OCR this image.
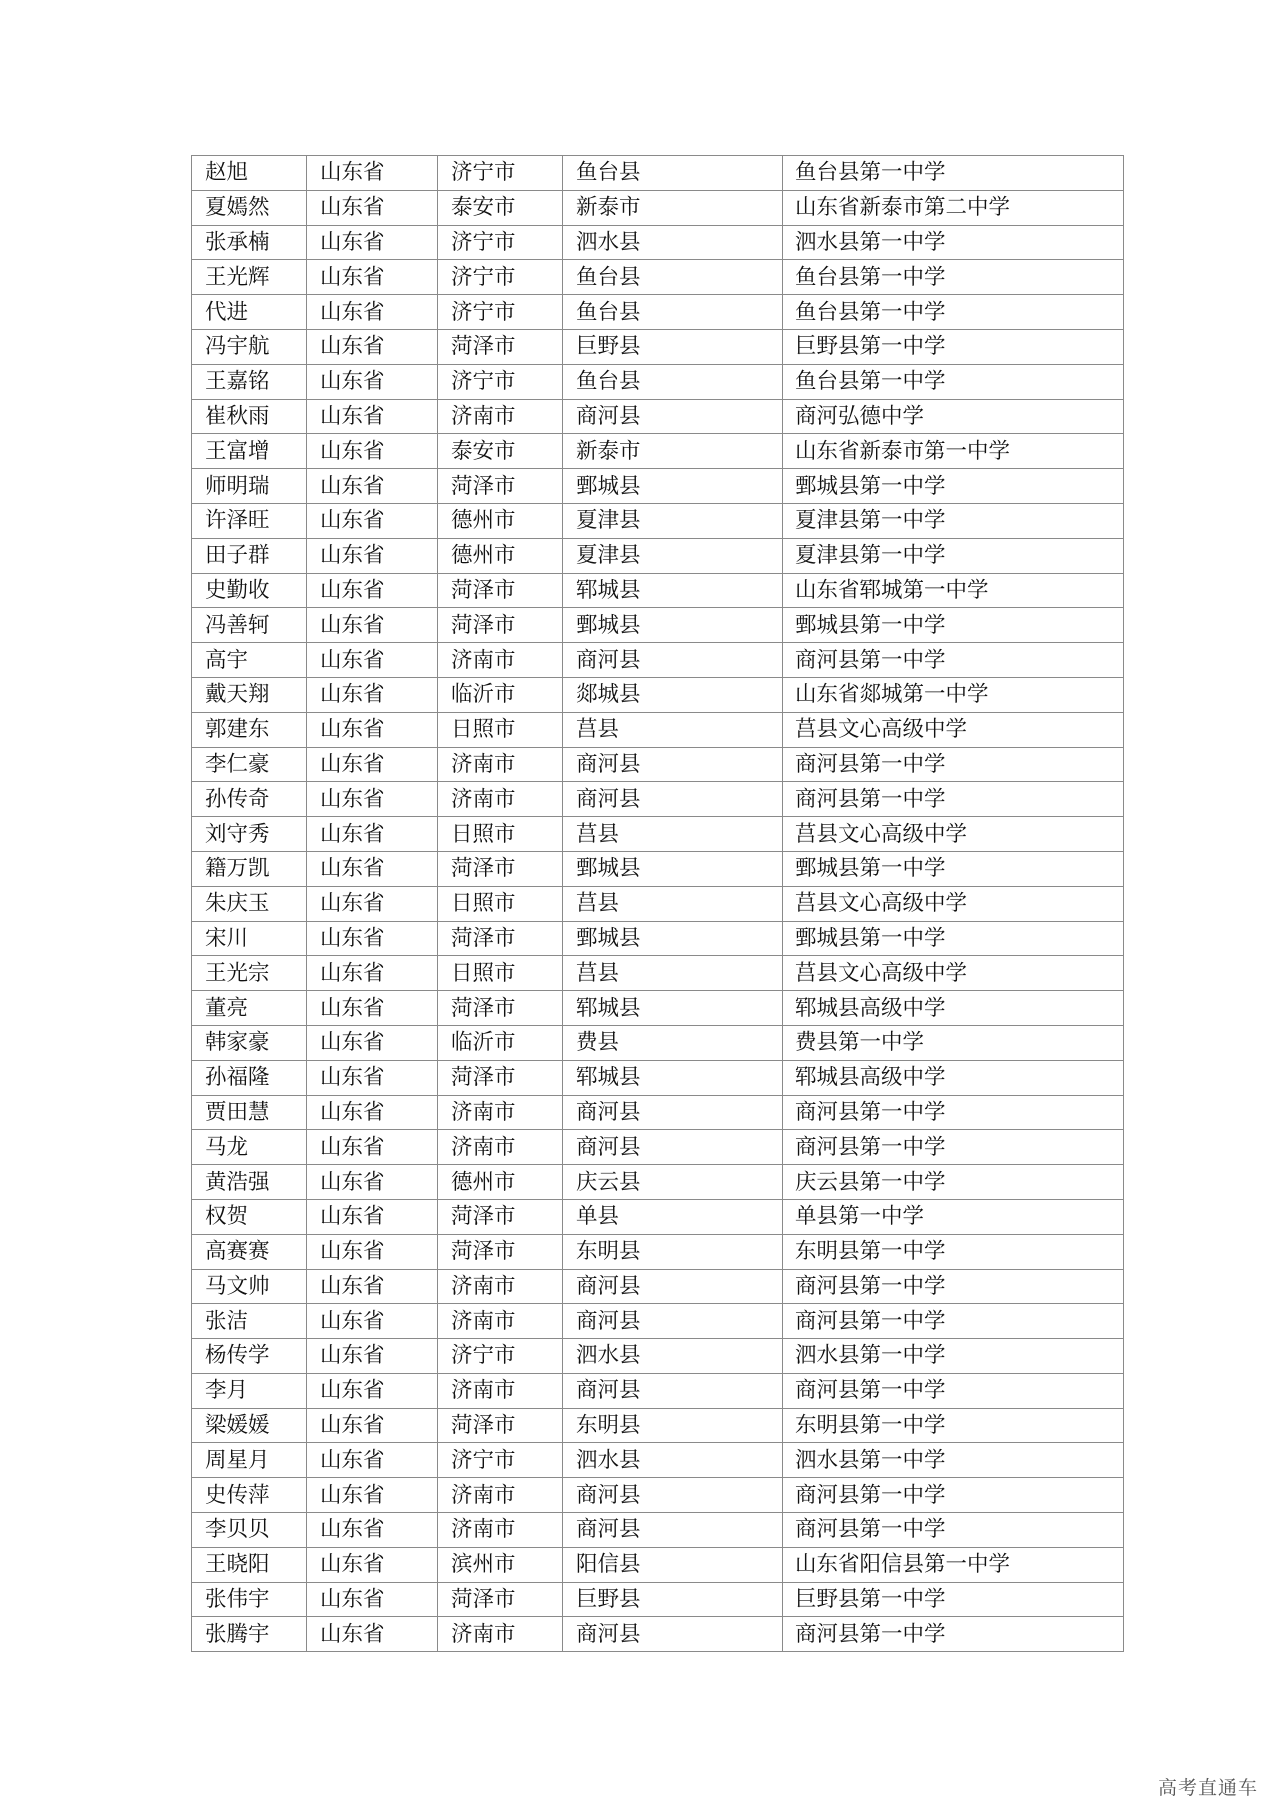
赵旭	山东省	济宁市	鱼台县	鱼台县第一中学
夏嫣然	山东省	泰安市	新泰市	山东省新泰市第二中学
张承楠	山东省	济宁市	泗水县	泗水县第一中学
王光辉	山东省	济宁市	鱼台县	鱼台县第一中学
代进	山东省	济宁市	鱼台县	鱼台县第一中学
冯宇航	山东省	菏泽市	巨野县	巨野县第一中学
王嘉铭	山东省	济宁市	鱼台县	鱼台县第一中学
崔秋雨	山东省	济南市	商河县	商河弘德中学
王富增	山东省	泰安市	新泰市	山东省新泰市第一中学
师明瑞	山东省	菏泽市	鄄城县	鄄城县第一中学
许泽旺	山东省	德州市	夏津县	夏津县第一中学
田子群	山东省	德州市	夏津县	夏津县第一中学
史勤收	山东省	菏泽市	郓城县	山东省郓城第一中学
冯善轲	山东省	菏泽市	鄄城县	鄄城县第一中学
高宇	山东省	济南市	商河县	商河县第一中学
戴天翔	山东省	临沂市	郯城县	山东省郯城第一中学
郭建东	山东省	日照市	莒县	莒县文心高级中学
李仁豪	山东省	济南市	商河县	商河县第一中学
孙传奇	山东省	济南市	商河县	商河县第一中学
刘守秀	山东省	日照市	莒县	莒县文心高级中学
籍万凯	山东省	菏泽市	鄄城县	鄄城县第一中学
朱庆玉	山东省	日照市	莒县	莒县文心高级中学
宋川	山东省	菏泽市	鄄城县	鄄城县第一中学
王光宗	山东省	日照市	莒县	莒县文心高级中学
董亮	山东省	菏泽市	郓城县	郓城县高级中学
韩家豪	山东省	临沂市	费县	费县第一中学
孙福隆	山东省	菏泽市	郓城县	郓城县高级中学
贾田慧	山东省	济南市	商河县	商河县第一中学
马龙	山东省	济南市	商河县	商河县第一中学
黄浩强	山东省	德州市	庆云县	庆云县第一中学
权贺	山东省	菏泽市	单县	单县第一中学
高赛赛	山东省	菏泽市	东明县	东明县第一中学
马文帅	山东省	济南市	商河县	商河县第一中学
张洁	山东省	济南市	商河县	商河县第一中学
杨传学	山东省	济宁市	泗水县	泗水县第一中学
李月	山东省	济南市	商河县	商河县第一中学
梁媛媛	山东省	菏泽市	东明县	东明县第一中学
周星月	山东省	济宁市	泗水县	泗水县第一中学
史传萍	山东省	济南市	商河县	商河县第一中学
李贝贝	山东省	济南市	商河县	商河县第一中学
王晓阳	山东省	滨州市	阳信县	山东省阳信县第一中学
张伟宇	山东省	菏泽市	巨野县	巨野县第一中学
张腾宇	山东省	济南市	商河县	商河县第一中学
高考直通车
